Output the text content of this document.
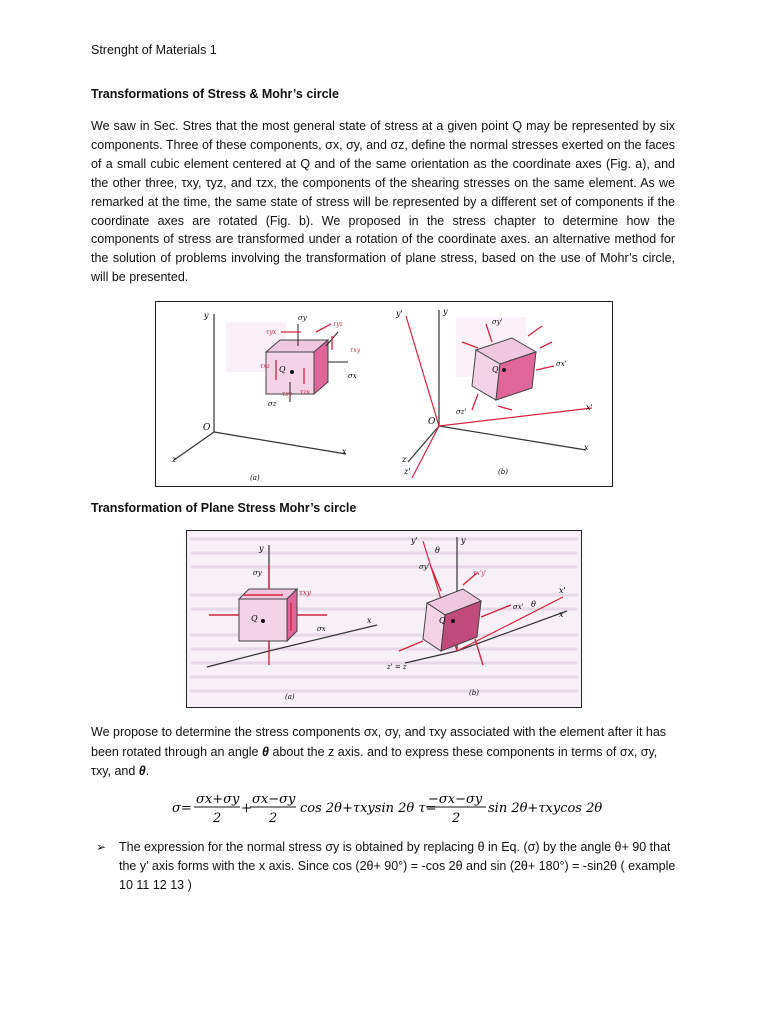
Strenght of Materials 1
Transformations of Stress & Mohr’s circle
We saw in Sec. Stres that the most general state of stress at a given point Q may be represented by six components. Three of these components, σx, σy, and σz, define the normal stresses exerted on the faces of a small cubic element centered at Q and of the same orientation as the coordinate axes (Fig. a), and the other three, τxy, τyz, and τzx, the components of the shearing stresses on the same element. As we remarked at the time, the same state of stress will be represented by a different set of components if the coordinate axes are rotated (Fig. b). We proposed in the stress chapter to determine how the components of stress are transformed under a rotation of the coordinate axes. an alternative method for the solution of problems involving the transformation of plane stress, based on the use of Mohr’s circle, will be presented.
y
x
z
O
Q
σy
σx
σz
τyx
τyz
τxy
τxz
τzx
τzy
(a)
y
y'
x
x'
z
z'
O
Q
σy'
σx'
σz'
(b)
Transformation of Plane Stress Mohr’s circle
y
x
Q
σy
σx
τxy
(a)
y
y'
x
x'
θ
θ
z' = z
Q
σy'
σx'
τx'y'
(b)
We propose to determine the stress components σx, σy, and τxy associated with the element after it has been rotated through an angle θ about the z axis. and to express these components in terms of σx, σy, τxy, and θ.
σ=
σx+σy
2
+
σx−σy
2
cos 2θ+τxysin 2θ τ=
−σx−σy
2
sin 2θ+τxycos 2θ
➢ The expression for the normal stress σy is obtained by replacing θ in Eq. (σ) by the angle θ+ 90 that the y’ axis forms with the x axis. Since cos (2θ+ 90°) = -cos 2θ and sin (2θ+ 180°) = -sin2θ ( example 10 11 12 13 )
